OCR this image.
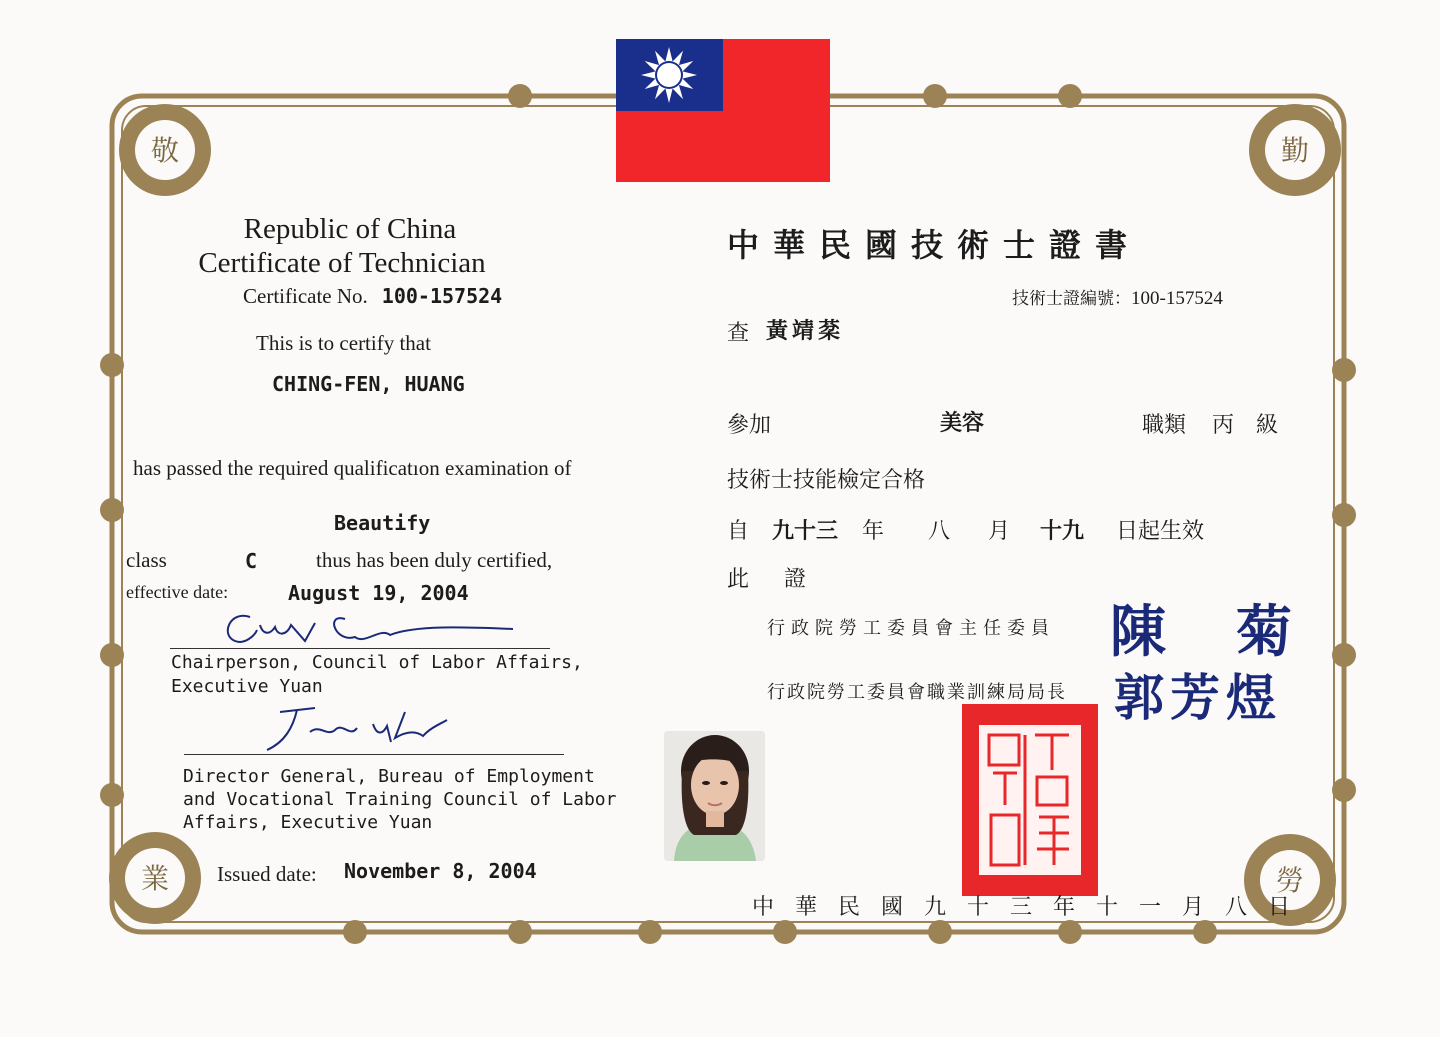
敬	勤
業	勞
Republic of China
Certificate of Technician
Certificate No. 100-157524
This is to certify that
CHING-FEN, HUANG
has passed the required qualificatıon examination of
Beautify
class	C	thus has been duly certified,
effective date:	August 19, 2004
Chen Chu
Chairperson, Council of Labor Affairs,
Executive Yuan
Fong-yu. Kuo
Director General, Bureau of Employment
and Vocational Training Council of Labor
Affairs, Executive Yuan
Issued date: November 8, 2004
中華民國技術士證書
技術士證編號：100-157524
查 黃靖棻
參加	美容	職類 丙 級
技術士技能檢定合格
自 九十三 年 八 月 十九 日起生效
此 證
行政院勞工委員會主任委員 陳 菊
行政院勞工委員會職業訓練局局長 郭芳煜
中華民國九十三年十一月八日
